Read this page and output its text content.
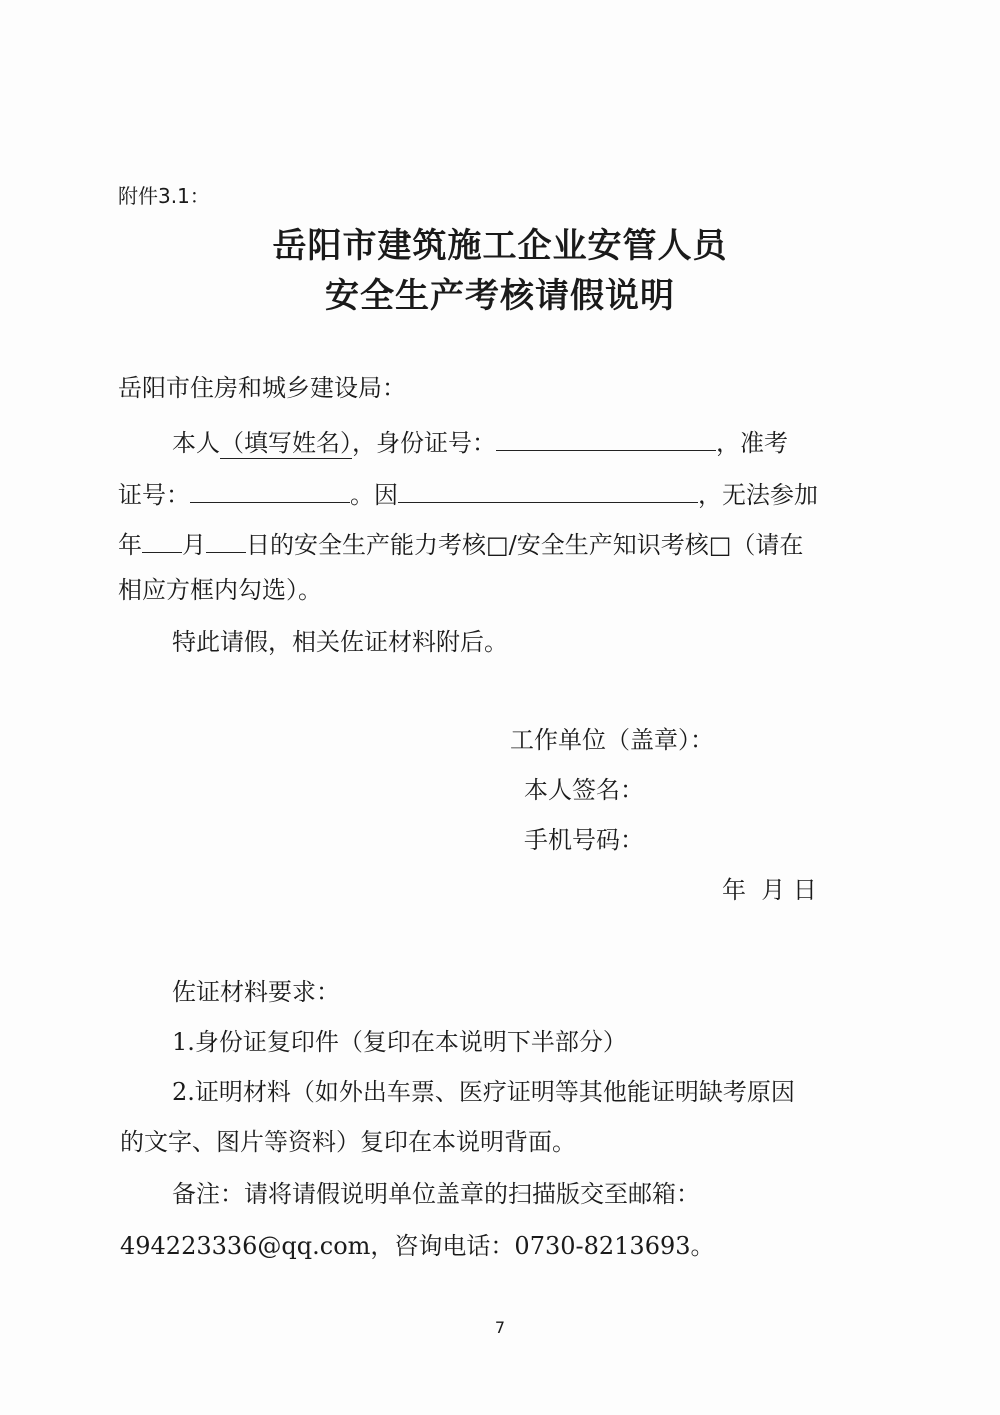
附件3.1：
岳阳市建筑施工企业安管人员
安全生产考核请假说明
岳阳市住房和城乡建设局：
本人（填写姓名），身份证号：	，准考
证号：	。因	，无法参加
年 月 日的安全生产能力考核□/安全生产知识考核□（请在
相应方框内勾选）。
特此请假，相关佐证材料附后。
工作单位（盖章）：
本人签名：
手机号码：
年  月 日
佐证材料要求：
1.身份证复印件（复印在本说明下半部分）
2.证明材料（如外出车票、医疗证明等其他能证明缺考原因
的文字、图片等资料）复印在本说明背面。
备注：请将请假说明单位盖章的扫描版交至邮箱：
494223336@qq.com，咨询电话：0730-8213693。
7
